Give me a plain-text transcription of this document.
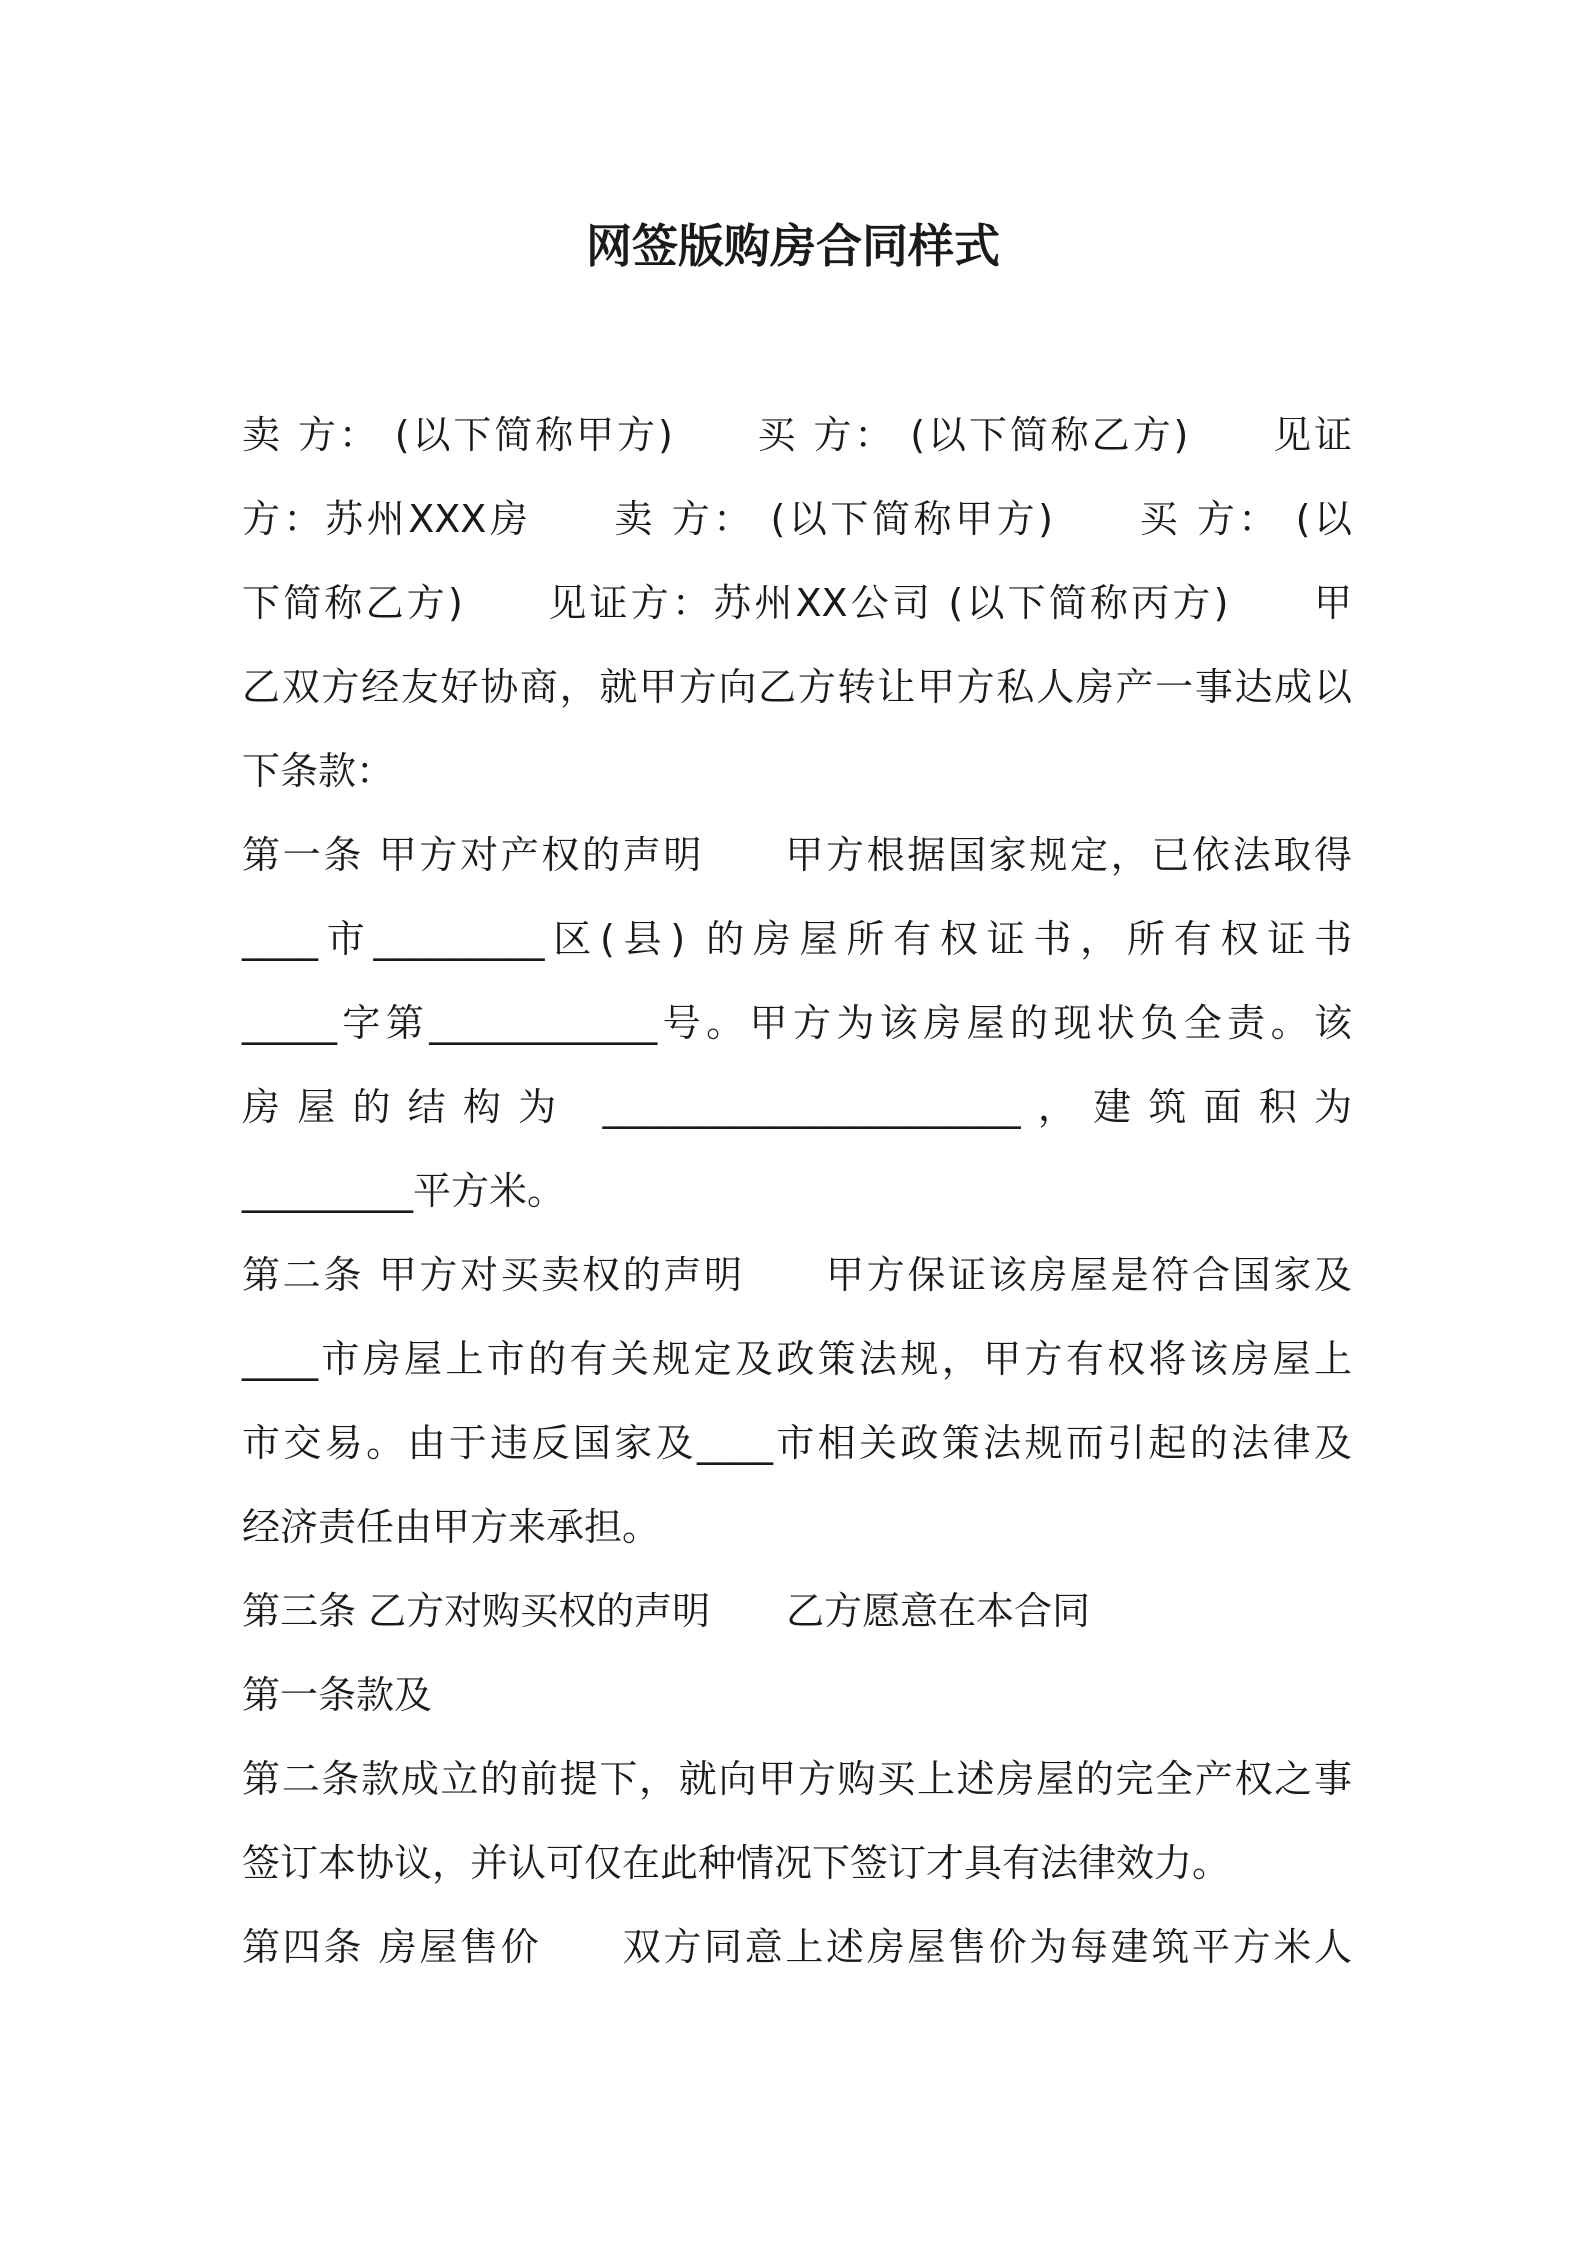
网签版购房合同样式
卖 方： (以下简称甲方)　　买 方： (以下简称乙方)　　见证
方：苏州XXX房　　卖 方： (以下简称甲方)　　买 方： (以
下简称乙方)　　见证方：苏州XX公司 (以下简称丙方)　　甲
乙双方经友好协商，就甲方向乙方转让甲方私人房产一事达成以
下条款：
第一条 甲方对产权的声明　　甲方根据国家规定，已依法取得
____市_________区(县) 的房屋所有权证书，所有权证书
_____字第____________号。甲方为该房屋的现状负全责。该
房屋的结构为 ______________________，建筑面积为
_________平方米。
第二条 甲方对买卖权的声明　　甲方保证该房屋是符合国家及
____市房屋上市的有关规定及政策法规，甲方有权将该房屋上
市交易。由于违反国家及____市相关政策法规而引起的法律及
经济责任由甲方来承担。
第三条 乙方对购买权的声明　　乙方愿意在本合同
第一条款及
第二条款成立的前提下，就向甲方购买上述房屋的完全产权之事
签订本协议，并认可仅在此种情况下签订才具有法律效力。
第四条 房屋售价　　双方同意上述房屋售价为每建筑平方米人
